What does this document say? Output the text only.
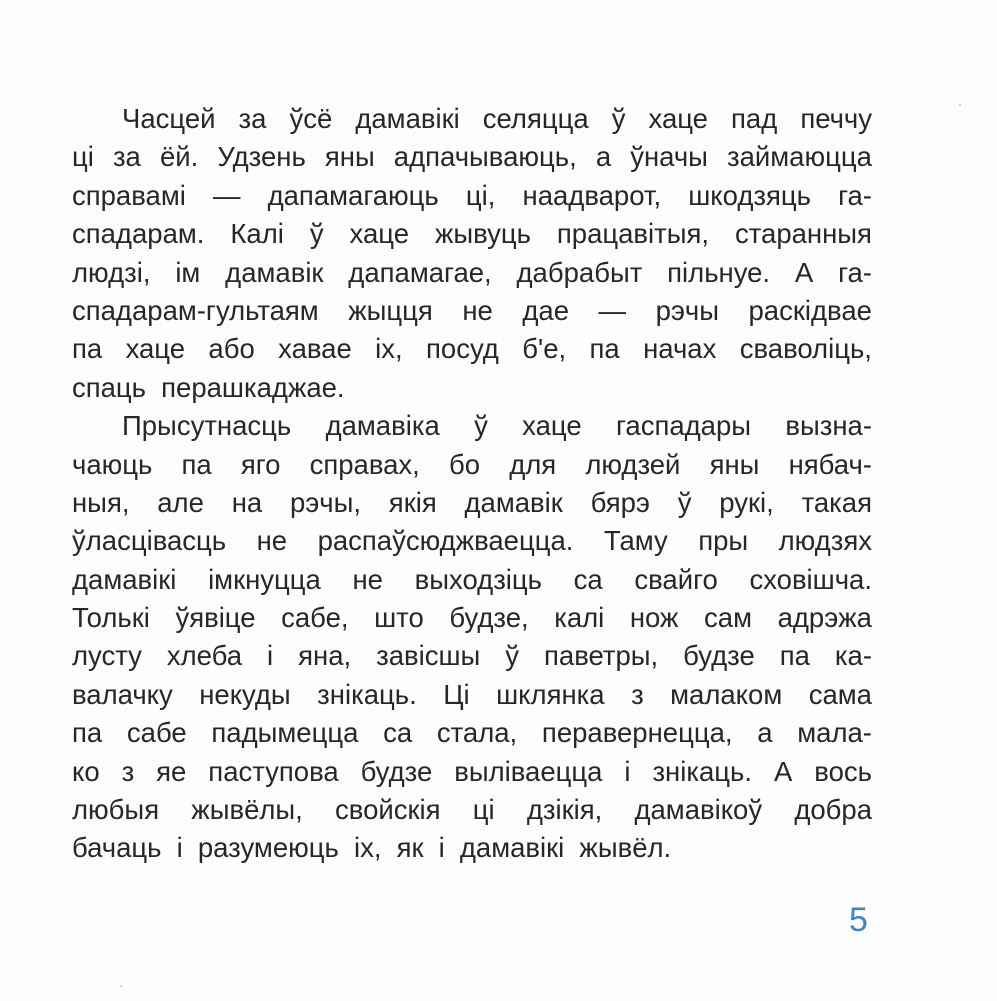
Часцей за ўсё дамавікі селяцца ў хаце пад печчу
ці за ёй. Удзень яны адпачываюць, а ўначы займаюцца
справамі — дапамагаюць ці, наадварот, шкодзяць га-
спадарам. Калі ў хаце жывуць працавітыя, старанныя
людзі, ім дамавік дапамагае, дабрабыт пільнуе. А га-
спадарам-гультаям жыцця не дае — рэчы раскідвае
па хаце або хавае іх, посуд б'е, па начах сваволіць,
спаць перашкаджае.
Прысутнасць дамавіка ў хаце гаспадары вызна-
чаюць па яго справах, бо для людзей яны нябач-
ныя, але на рэчы, якія дамавік бярэ ў рукі, такая
ўласцівасць не распаўсюджваецца. Таму пры людзях
дамавікі імкнуцца не выходзіць са свайго сховішча.
Толькі ўявіце сабе, што будзе, калі нож сам адрэжа
лусту хлеба і яна, завісшы ў паветры, будзе па ка-
валачку некуды знікаць. Ці шклянка з малаком сама
па сабе падымецца са стала, перавернецца, а мала-
ко з яе паступова будзе выліваецца і знікаць. А вось
любыя жывёлы, свойскія ці дзікія, дамавікоў добра
бачаць і разумеюць іх, як і дамавікі жывёл.
5
